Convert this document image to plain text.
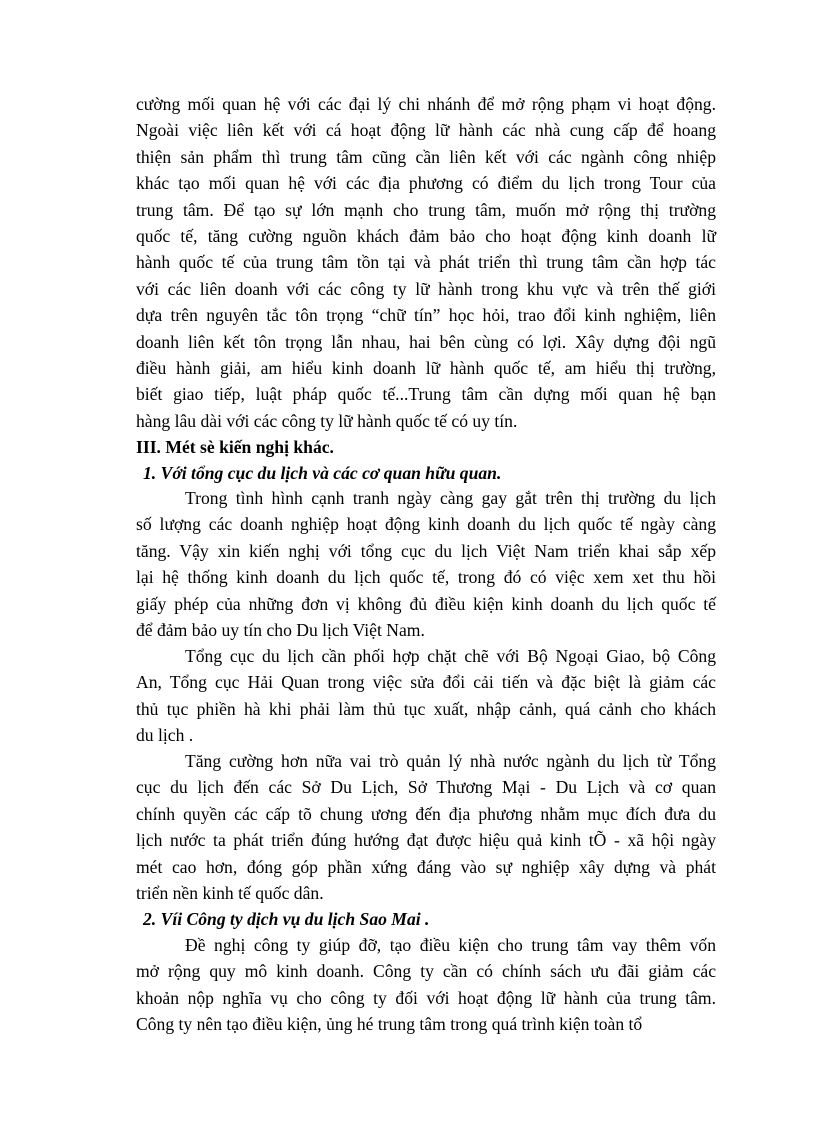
cường mối quan hệ với các đại lý chi nhánh để mở rộng phạm vi hoạt động.
Ngoài việc liên kết với cá hoạt động lữ hành các nhà cung cấp để hoang
thiện sản phẩm thì trung tâm cũng cần liên kết với các ngành công nhiệp
khác tạo mối quan hệ với các địa phương có điểm du lịch trong Tour của
trung tâm. Để tạo sự lớn mạnh cho trung tâm, muốn mở rộng thị trường
quốc tế, tăng cường nguồn khách đảm bảo cho hoạt động kinh doanh lữ
hành quốc tế của trung tâm tồn tại và phát triển thì trung tâm cần hợp tác
với các liên doanh với các công ty lữ hành trong khu vực và trên thế giới
dựa trên nguyên tắc tôn trọng “chữ tín” học hỏi, trao đổi kinh nghiệm, liên
doanh liên kết tôn trọng lẫn nhau, hai bên cùng có lợi. Xây dựng đội ngũ
điều hành giải, am hiểu kinh doanh lữ hành quốc tế, am hiểu thị trường,
biết giao tiếp, luật pháp quốc tế...Trung tâm cần dựng mối quan hệ bạn
hàng lâu dài với các công ty lữ hành quốc tế có uy tín.
III. Mét sè kiến nghị khác.
1. Với tổng cục du lịch và các cơ quan hữu quan.
Trong tình hình cạnh tranh ngày càng gay gắt trên thị trường du lịch
số lượng các doanh nghiệp hoạt động kinh doanh du lịch quốc tế ngày càng
tăng. Vậy xin kiến nghị với tổng cục du lịch Việt Nam triển khai sắp xếp
lại hệ thống kinh doanh du lịch quốc tế, trong đó có việc xem xet thu hồi
giấy phép của những đơn vị không đủ điều kiện kinh doanh du lịch quốc tế
để đảm bảo uy tín cho Du lịch Việt Nam.
Tổng cục du lịch cần phối hợp chặt chẽ với Bộ Ngoại Giao, bộ Công
An, Tổng cục Hải Quan trong việc sửa đổi cải tiến và đặc biệt là giảm các
thủ tục phiền hà khi phải làm thủ tục xuất, nhập cảnh, quá cảnh cho khách
du lịch .
Tăng cường hơn nữa vai trò quản lý nhà nước ngành du lịch từ Tổng
cục du lịch đến các Sở Du Lịch, Sở Thương Mại - Du Lịch và cơ quan
chính quyền các cấp tõ chung ương đến địa phương nhằm mục đích đưa du
lịch nước ta phát triển đúng hướng đạt được hiệu quả kinh tÕ - xã hội ngày
mét cao hơn, đóng góp phần xứng đáng vào sự nghiệp xây dựng và phát
triển nền kinh tế quốc dân.
2. Víi Công ty dịch vụ du lịch Sao Mai .
Đề nghị công ty giúp đỡ, tạo điều kiện cho trung tâm vay thêm vốn
mở rộng quy mô kinh doanh. Công ty cần có chính sách ưu đãi giảm các
khoản nộp nghĩa vụ cho công ty đối với hoạt động lữ hành của trung tâm.
Công ty nên tạo điều kiện, ủng hé trung tâm trong quá trình kiện toàn tổ
